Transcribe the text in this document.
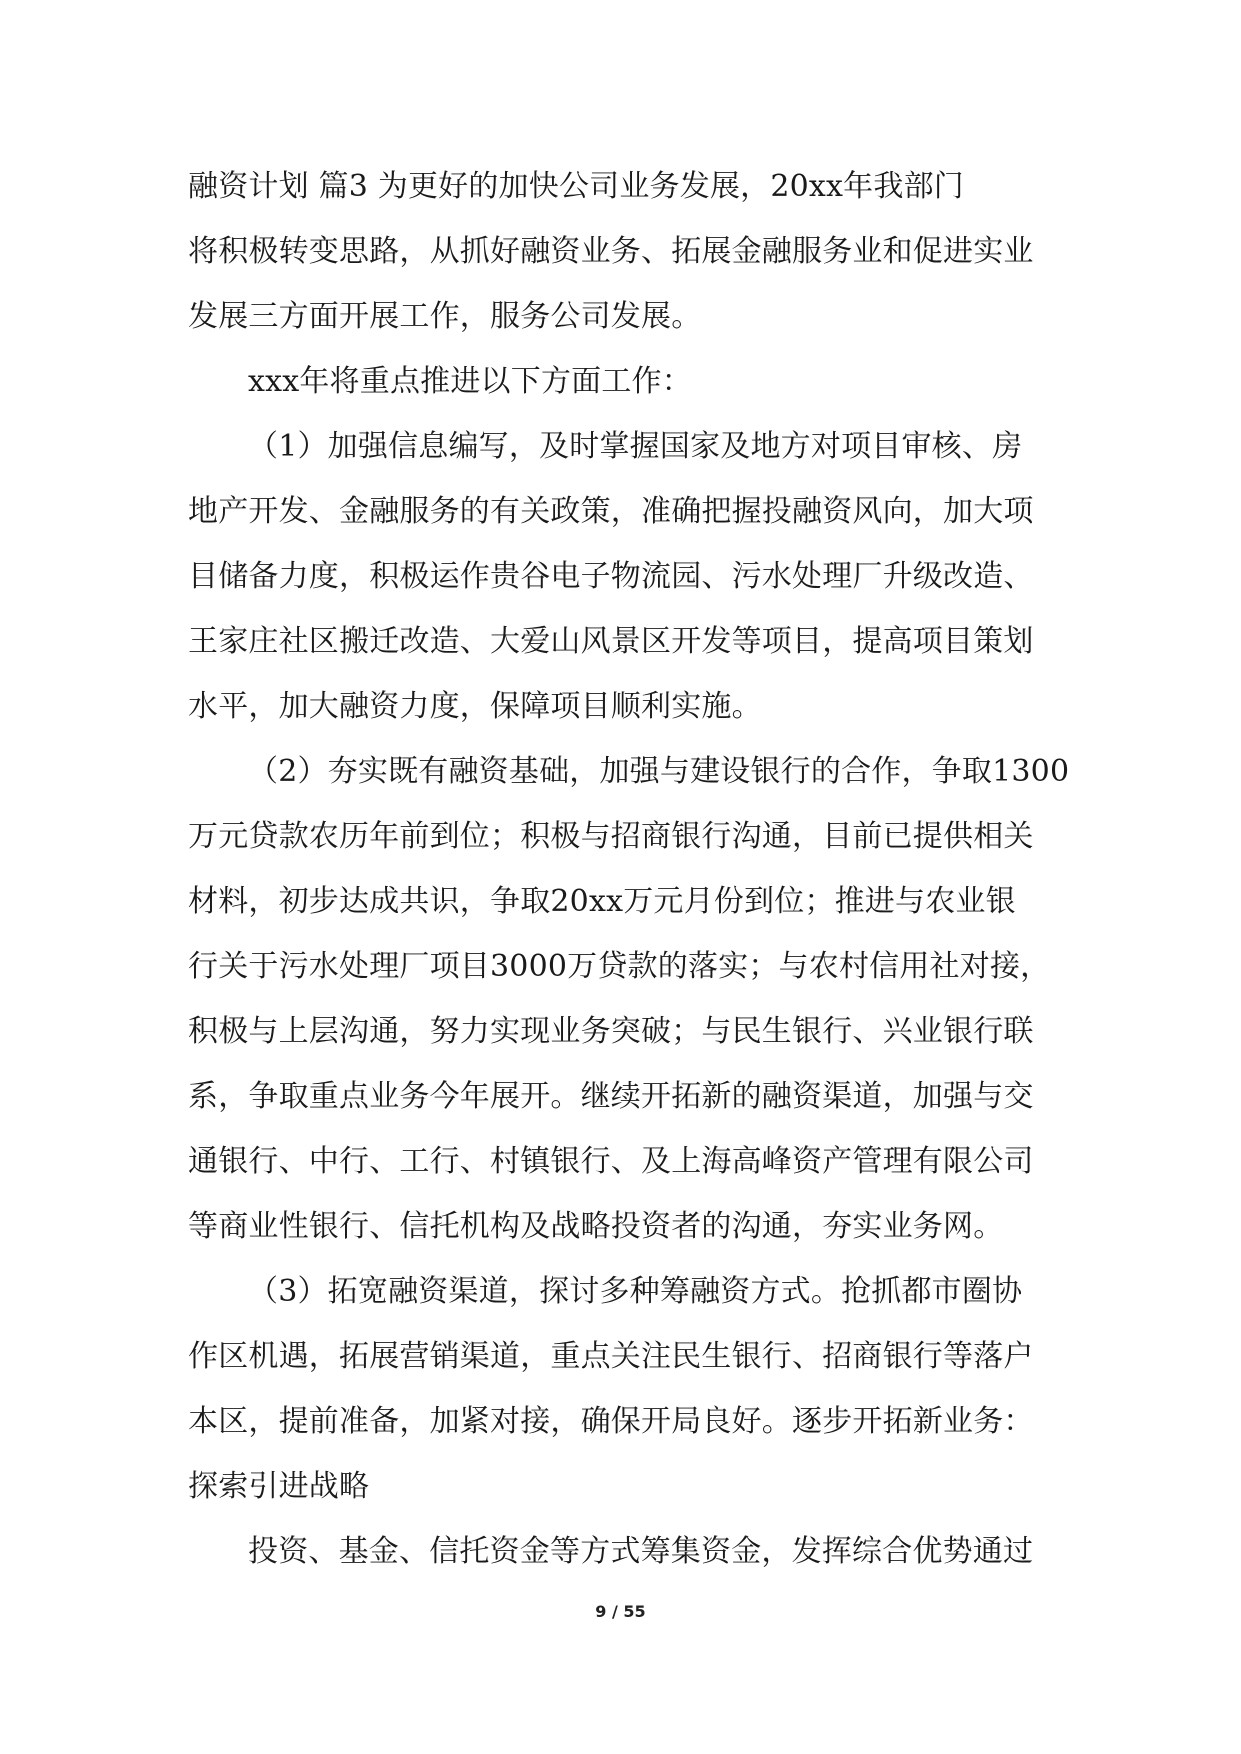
融资计划 篇3 为更好的加快公司业务发展，20xx年我部门
将积极转变思路，从抓好融资业务、拓展金融服务业和促进实业
发展三方面开展工作，服务公司发展。
xxx年将重点推进以下方面工作：
（1）加强信息编写，及时掌握国家及地方对项目审核、房
地产开发、金融服务的有关政策，准确把握投融资风向，加大项
目储备力度，积极运作贵谷电子物流园、污水处理厂升级改造、
王家庄社区搬迁改造、大爱山风景区开发等项目，提高项目策划
水平，加大融资力度，保障项目顺利实施。
（2）夯实既有融资基础，加强与建设银行的合作，争取1300
万元贷款农历年前到位；积极与招商银行沟通，目前已提供相关
材料，初步达成共识，争取20xx万元月份到位；推进与农业银
行关于污水处理厂项目3000万贷款的落实；与农村信用社对接，
积极与上层沟通，努力实现业务突破；与民生银行、兴业银行联
系，争取重点业务今年展开。继续开拓新的融资渠道，加强与交
通银行、中行、工行、村镇银行、及上海高峰资产管理有限公司
等商业性银行、信托机构及战略投资者的沟通，夯实业务网。
（3）拓宽融资渠道，探讨多种筹融资方式。抢抓都市圈协
作区机遇，拓展营销渠道，重点关注民生银行、招商银行等落户
本区，提前准备，加紧对接，确保开局良好。逐步开拓新业务：
探索引进战略
投资、基金、信托资金等方式筹集资金，发挥综合优势通过
9 / 55
